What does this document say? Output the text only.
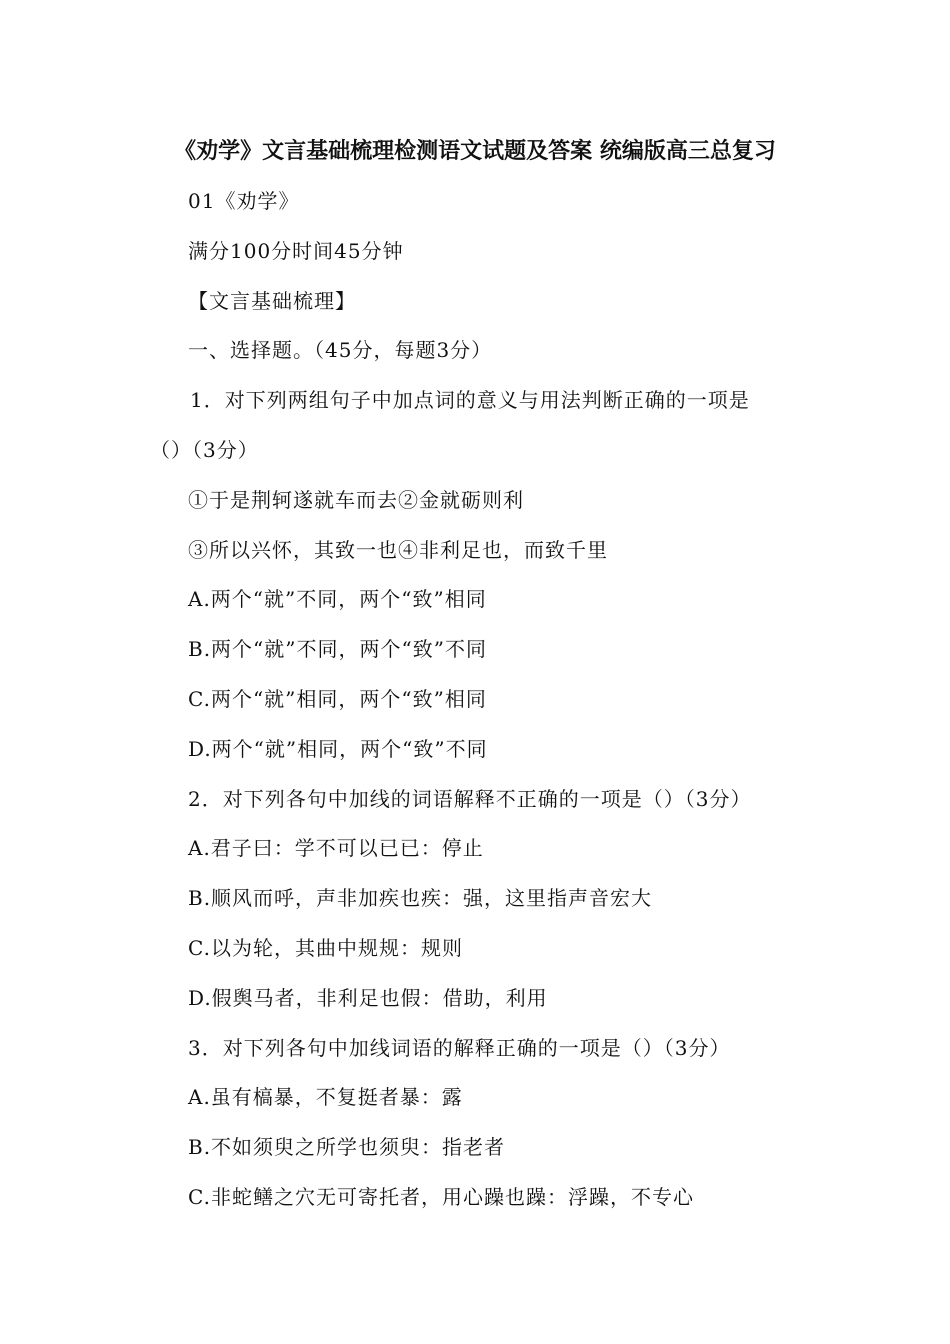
《劝学》文言基础梳理检测语文试题及答案 统编版高三总复习
01《劝学》
满分100分时间45分钟
【文言基础梳理】
一、选择题。（45分，每题3分）
1．对下列两组句子中加点词的意义与用法判断正确的一项是
（）（3分）
①于是荆轲遂就车而去②金就砺则利
③所以兴怀，其致一也④非利足也，而致千里
A.两个“就”不同，两个“致”相同
B.两个“就”不同，两个“致”不同
C.两个“就”相同，两个“致”相同
D.两个“就”相同，两个“致”不同
2．对下列各句中加线的词语解释不正确的一项是（）（3分）
A.君子曰：学不可以已已：停止
B.顺风而呼，声非加疾也疾：强，这里指声音宏大
C.以为轮，其曲中规规：规则
D.假舆马者，非利足也假：借助，利用
3．对下列各句中加线词语的解释正确的一项是（）（3分）
A.虽有槁暴，不复挺者暴：露
B.不如须臾之所学也须臾：指老者
C.非蛇鳝之穴无可寄托者，用心躁也躁：浮躁，不专心
